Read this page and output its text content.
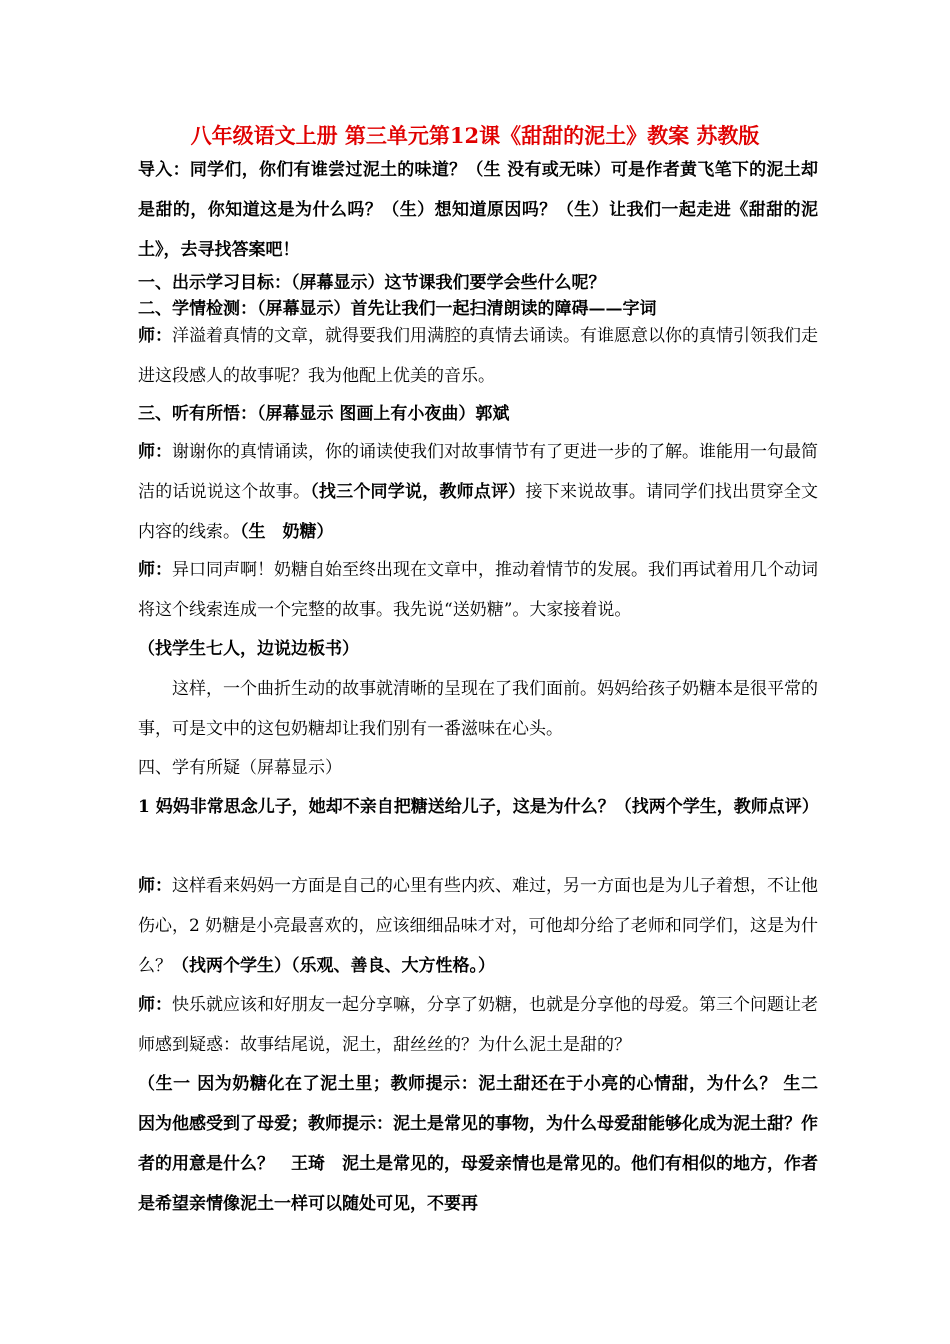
八年级语文上册 第三单元第12课《甜甜的泥土》教案 苏教版
导入：同学们，你们有谁尝过泥土的味道？（生 没有或无味）可是作者黄飞笔下的泥土却是甜的，你知道这是为什么吗？（生）想知道原因吗？（生）让我们一起走进《甜甜的泥土》，去寻找答案吧！
一、出示学习目标：（屏幕显示）这节课我们要学会些什么呢？
二、学情检测：（屏幕显示）首先让我们一起扫清朗读的障碍——字词
师：洋溢着真情的文章，就得要我们用满腔的真情去诵读。有谁愿意以你的真情引领我们走进这段感人的故事呢？我为他配上优美的音乐。
三、听有所悟：（屏幕显示 图画上有小夜曲）郭斌
师：谢谢你的真情诵读，你的诵读使我们对故事情节有了更进一步的了解。谁能用一句最简洁的话说说这个故事。（找三个同学说，教师点评）接下来说故事。请同学们找出贯穿全文内容的线索。（生　奶糖）
师：异口同声啊！奶糖自始至终出现在文章中，推动着情节的发展。我们再试着用几个动词将这个线索连成一个完整的故事。我先说“送奶糖”。大家接着说。
（找学生七人，边说边板书）
这样，一个曲折生动的故事就清晰的呈现在了我们面前。妈妈给孩子奶糖本是很平常的事，可是文中的这包奶糖却让我们别有一番滋味在心头。
四、学有所疑（屏幕显示）
1 妈妈非常思念儿子，她却不亲自把糖送给儿子，这是为什么？（找两个学生，教师点评）
师：这样看来妈妈一方面是自己的心里有些内疚、难过，另一方面也是为儿子着想，不让他伤心，2 奶糖是小亮最喜欢的，应该细细品味才对，可他却分给了老师和同学们，这是为什么？（找两个学生）（乐观、善良、大方性格。）
师：快乐就应该和好朋友一起分享嘛，分享了奶糖，也就是分享他的母爱。第三个问题让老师感到疑惑：故事结尾说，泥土，甜丝丝的？为什么泥土是甜的？
（生一 因为奶糖化在了泥土里；教师提示：泥土甜还在于小亮的心情甜，为什么？ 生二 因为他感受到了母爱；教师提示：泥土是常见的事物，为什么母爱甜能够化成为泥土甜？作者的用意是什么？　王琦　泥土是常见的，母爱亲情也是常见的。他们有相似的地方，作者是希望亲情像泥土一样可以随处可见，不要再
